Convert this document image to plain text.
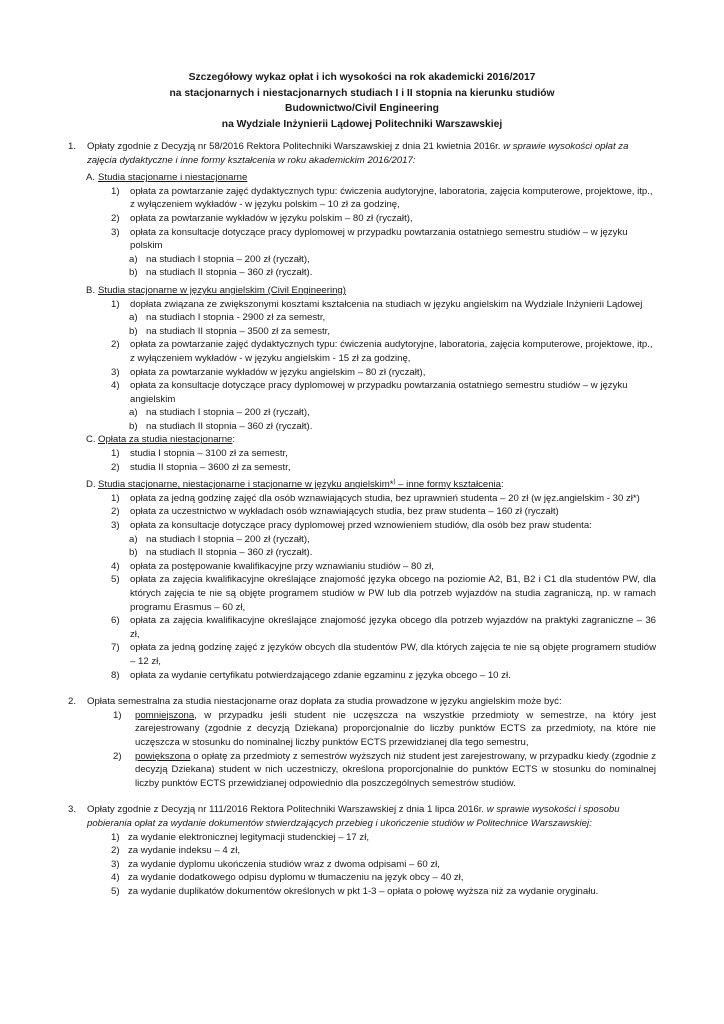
Szczegółowy wykaz opłat i ich wysokości na rok akademicki 2016/2017
na stacjonarnych i niestacjonarnych studiach I i II stopnia na kierunku studiów
Budownictwo/Civil Engineering
na Wydziale Inżynierii Lądowej Politechniki Warszawskiej
1. Opłaty zgodnie z Decyzją nr 58/2016 Rektora Politechniki Warszawskiej z dnia 21 kwietnia 2016r. w sprawie wysokości opłat za zajęcia dydaktyczne i inne formy kształcenia w roku akademickim 2016/2017:
A. Studia stacjonarne i niestacjonarne
1) opłata za powtarzanie zajęć dydaktycznych typu: ćwiczenia audytoryjne, laboratoria, zajęcia komputerowe, projektowe, itp., z wyłączeniem wykładów - w języku polskim – 10 zł za godzinę,
2) opłata za powtarzanie wykładów w języku polskim – 80 zł (ryczałt),
3) opłata za konsultacje dotyczące pracy dyplomowej w przypadku powtarzania ostatniego semestru studiów – w języku polskim
a) na studiach I stopnia – 200 zł (ryczałt),
b) na studiach II stopnia – 360 zł (ryczałt).
B. Studia stacjonarne w języku angielskim (Civil Engineering)
1) dopłata związana ze zwiększonymi kosztami kształcenia na studiach w języku angielskim na Wydziale Inżynierii Lądowej
a) na studiach I stopnia - 2900 zł za semestr,
b) na studiach II stopnia – 3500 zł za semestr,
2) opłata za powtarzanie zajęć dydaktycznych typu: ćwiczenia audytoryjne, laboratoria, zajęcia komputerowe, projektowe, itp., z wyłączeniem wykładów - w języku angielskim - 15 zł za godzinę,
3) opłata za powtarzanie wykładów w języku angielskim – 80 zł (ryczałt),
4) opłata za konsultacje dotyczące pracy dyplomowej w przypadku powtarzania ostatniego semestru studiów – w języku angielskim
a) na studiach I stopnia – 200 zł (ryczałt),
b) na studiach II stopnia – 360 zł (ryczałt).
C. Opłata za studia niestacjonarne:
1) studia I stopnia – 3100 zł za semestr,
2) studia II stopnia – 3600 zł za semestr,
D. Studia stacjonarne, niestacjonarne i stacjonarne w języku angielskim*) – inne formy kształcenia:
1) opłata za jedną godzinę zajęć dla osób wznawiających studia, bez uprawnień studenta – 20 zł (w jęz.angielskim - 30 zł*)
2) opłata za uczestnictwo w wykładach osób wznawiających studia, bez praw studenta – 160 zł (ryczałt)
3) opłata za konsultacje dotyczące pracy dyplomowej przed wznowieniem studiów, dla osób bez praw studenta:
a) na studiach I stopnia – 200 zł (ryczałt),
b) na studiach II stopnia – 360 zł (ryczałt).
4) opłata za postępowanie kwalifikacyjne przy wznawianiu studiów – 80 zł,
5) opłata za zajęcia kwalifikacyjne określające znajomość języka obcego na poziomie A2, B1, B2 i C1 dla studentów PW, dla których zajęcia te nie są objęte programem studiów w PW lub dla potrzeb wyjazdów na studia zagraniczą, np. w ramach programu Erasmus – 60 zł,
6) opłata za zajęcia kwalifikacyjne określające znajomość języka obcego dla potrzeb wyjazdów na praktyki zagraniczne – 36 zł,
7) opłata za jedną godzinę zajęć z języków obcych dla studentów PW, dla których zajęcia te nie są objęte programem studiów – 12 zł,
8) opłata za wydanie certyfikatu potwierdzającego zdanie egzaminu z języka obcego – 10 zł.
2. Opłata semestralna za studia niestacjonarne oraz dopłata za studia prowadzone w języku angielskim może być:
1) pomniejszona, w przypadku jeśli student nie uczęszcza na wszystkie przedmioty w semestrze, na który jest zarejestrowany (zgodnie z decyzją Dziekana) proporcjonalnie do liczby punktów ECTS za przedmioty, na które nie uczęszcza w stosunku do nominalnej liczby punktów ECTS przewidzianej dla tego semestru,
2) powiększona o opłatę za przedmioty z semestrów wyższych niż student jest zarejestrowany, w przypadku kiedy (zgodnie z decyzją Dziekana) student w nich uczestniczy, określona proporcjonalnie do punktów ECTS w stosunku do nominalnej liczby punktów ECTS przewidzianej odpowiednio dla poszczególnych semestrów studiów.
3. Opłaty zgodnie z Decyzją nr 111/2016 Rektora Politechniki Warszawskiej z dnia 1 lipca 2016r. w sprawie wysokości i sposobu pobierania opłat za wydanie dokumentów stwierdzających przebieg i ukończenie studiów w Politechnice Warszawskiej:
1) za wydanie elektronicznej legitymacji studenckiej – 17 zł,
2) za wydanie indeksu – 4 zł,
3) za wydanie dyplomu ukończenia studiów wraz z dwoma odpisami – 60 zł,
4) za wydanie dodatkowego odpisu dyplomu w tłumaczeniu na język obcy – 40 zł,
5) za wydanie duplikatów dokumentów określonych w pkt 1-3 – opłata o połowę wyższa niż za wydanie oryginału.
